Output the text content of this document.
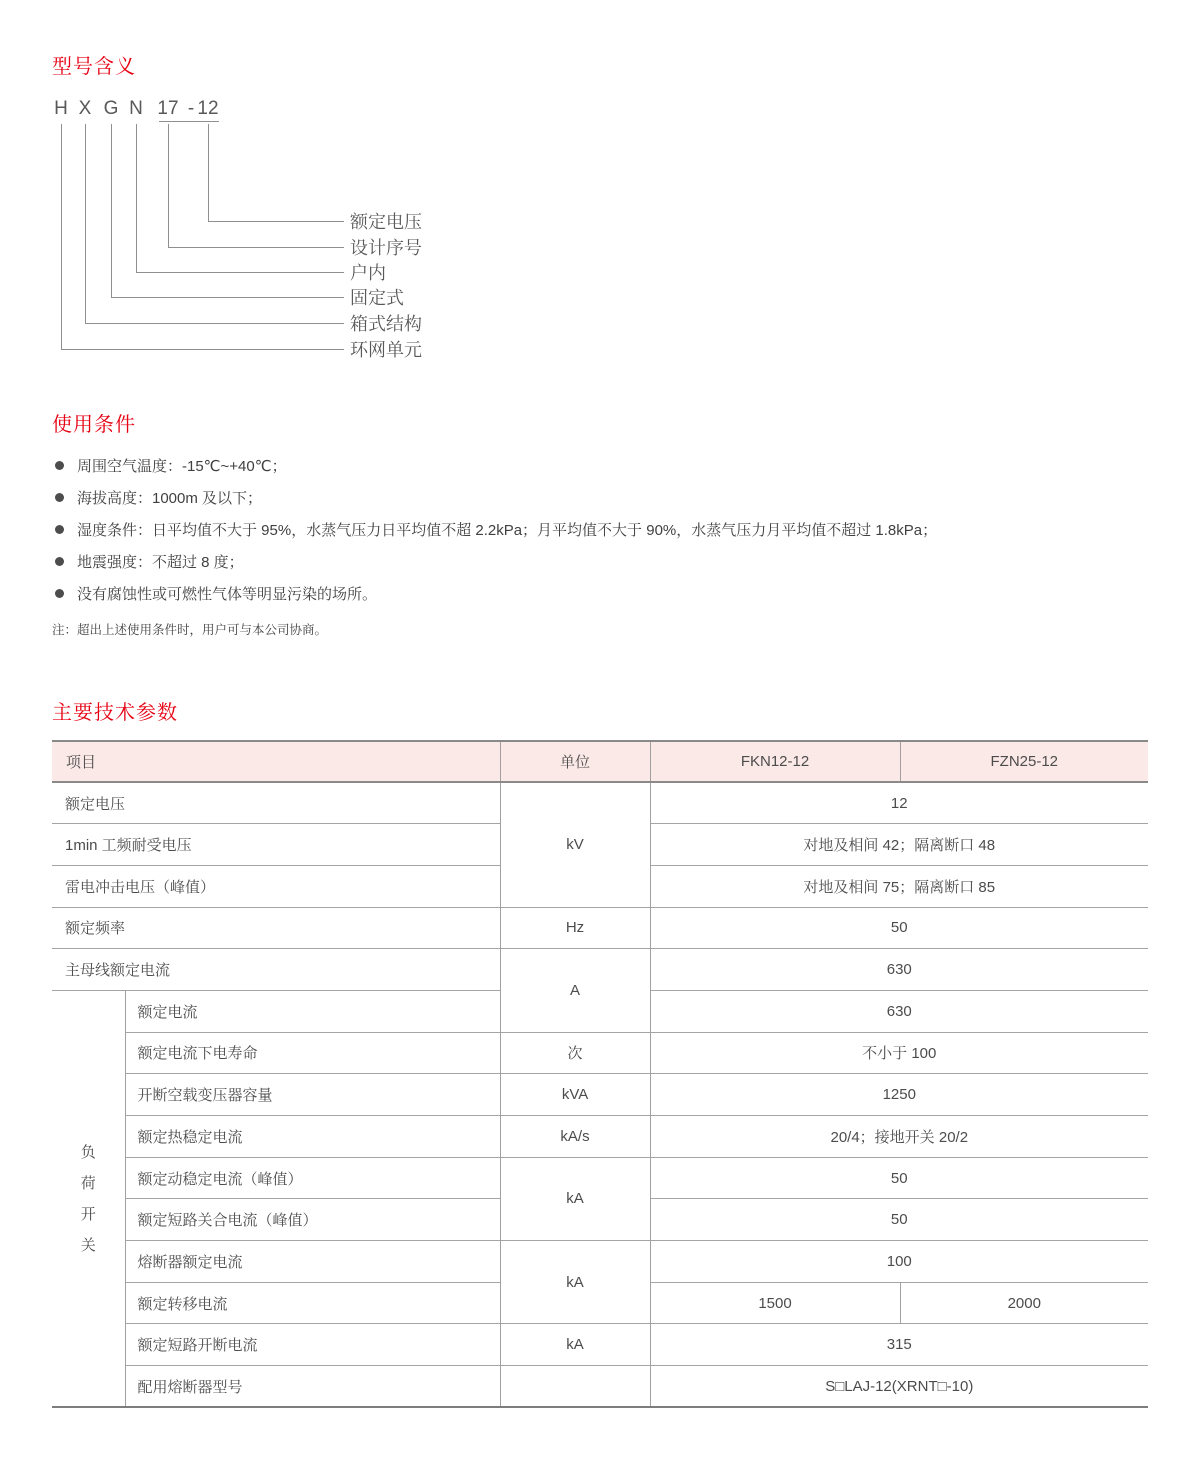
型号含义
H X G N 17 - 12
额定电压
设计序号
户内
固定式
箱式结构
环网单元
使用条件
周围空气温度：-15℃~+40℃；
海拔高度：1000m 及以下；
湿度条件：日平均值不大于 95%，水蒸气压力日平均值不超 2.2kPa；月平均值不大于 90%，水蒸气压力月平均值不超过 1.8kPa；
地震强度：不超过 8 度；
没有腐蚀性或可燃性气体等明显污染的场所。
注：超出上述使用条件时，用户可与本公司协商。
主要技术参数
项目		单位	FKN12-12	FZN25-12
额定电压		kV	12	
1min 工频耐受电压			对地及相间 42；隔离断口 48	
雷电冲击电压（峰值）			对地及相间 75；隔离断口 85	
额定频率		Hz	50	
主母线额定电流		A	630	

负荷开关	额定电流		630	
	额定电流下电寿命	次	不小于 100	
	开断空载变压器容量	kVA	1250	
	额定热稳定电流	kA/s	20/4；接地开关 20/2	
	额定动稳定电流（峰值）	kA	50	
	额定短路关合电流（峰值）		50	
	熔断器额定电流	kA	100	
	额定转移电流		1500	2000
	额定短路开断电流	kA	315	
	配用熔断器型号		S□LAJ-12(XRNT□-10)	
